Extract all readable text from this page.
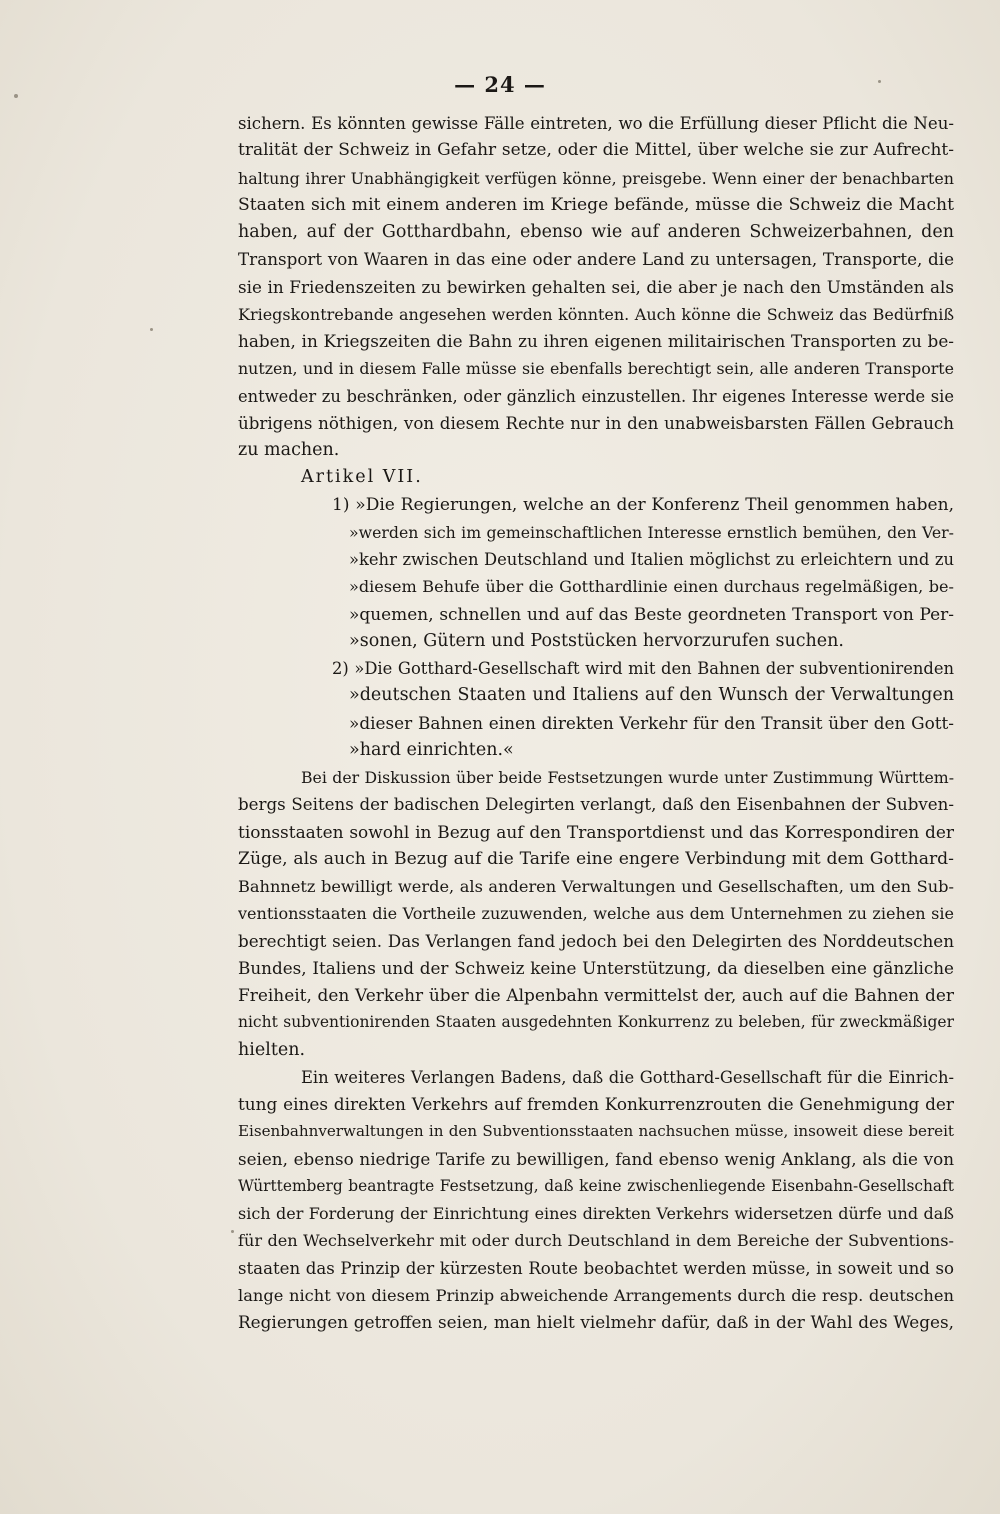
— 24 —
sichern. Es könnten gewisse Fälle eintreten, wo die Erfüllung dieser Pflicht die Neu-
tralität der Schweiz in Gefahr setze, oder die Mittel, über welche sie zur Aufrecht-
haltung ihrer Unabhängigkeit verfügen könne, preisgebe. Wenn einer der benachbarten
Staaten sich mit einem anderen im Kriege befände, müsse die Schweiz die Macht
haben, auf der Gotthardbahn, ebenso wie auf anderen Schweizerbahnen, den
Transport von Waaren in das eine oder andere Land zu untersagen, Transporte, die
sie in Friedenszeiten zu bewirken gehalten sei, die aber je nach den Umständen als
Kriegskontrebande angesehen werden könnten. Auch könne die Schweiz das Bedürfniß
haben, in Kriegszeiten die Bahn zu ihren eigenen militairischen Transporten zu be-
nutzen, und in diesem Falle müsse sie ebenfalls berechtigt sein, alle anderen Transporte
entweder zu beschränken, oder gänzlich einzustellen. Ihr eigenes Interesse werde sie
übrigens nöthigen, von diesem Rechte nur in den unabweisbarsten Fällen Gebrauch
zu machen.
Artikel VII.
1) »Die Regierungen, welche an der Konferenz Theil genommen haben,
»werden sich im gemeinschaftlichen Interesse ernstlich bemühen, den Ver-
»kehr zwischen Deutschland und Italien möglichst zu erleichtern und zu
»diesem Behufe über die Gotthardlinie einen durchaus regelmäßigen, be-
»quemen, schnellen und auf das Beste geordneten Transport von Per-
»sonen, Gütern und Poststücken hervorzurufen suchen.
2) »Die Gotthard-Gesellschaft wird mit den Bahnen der subventionirenden
»deutschen Staaten und Italiens auf den Wunsch der Verwaltungen
»dieser Bahnen einen direkten Verkehr für den Transit über den Gott-
»hard einrichten.«
Bei der Diskussion über beide Festsetzungen wurde unter Zustimmung Württem-
bergs Seitens der badischen Delegirten verlangt, daß den Eisenbahnen der Subven-
tionsstaaten sowohl in Bezug auf den Transportdienst und das Korrespondiren der
Züge, als auch in Bezug auf die Tarife eine engere Verbindung mit dem Gotthard-
Bahnnetz bewilligt werde, als anderen Verwaltungen und Gesellschaften, um den Sub-
ventionsstaaten die Vortheile zuzuwenden, welche aus dem Unternehmen zu ziehen sie
berechtigt seien. Das Verlangen fand jedoch bei den Delegirten des Norddeutschen
Bundes, Italiens und der Schweiz keine Unterstützung, da dieselben eine gänzliche
Freiheit, den Verkehr über die Alpenbahn vermittelst der, auch auf die Bahnen der
nicht subventionirenden Staaten ausgedehnten Konkurrenz zu beleben, für zweckmäßiger
hielten.
Ein weiteres Verlangen Badens, daß die Gotthard-Gesellschaft für die Einrich-
tung eines direkten Verkehrs auf fremden Konkurrenzrouten die Genehmigung der
Eisenbahnverwaltungen in den Subventionsstaaten nachsuchen müsse, insoweit diese bereit
seien, ebenso niedrige Tarife zu bewilligen, fand ebenso wenig Anklang, als die von
Württemberg beantragte Festsetzung, daß keine zwischenliegende Eisenbahn-Gesellschaft
sich der Forderung der Einrichtung eines direkten Verkehrs widersetzen dürfe und daß
für den Wechselverkehr mit oder durch Deutschland in dem Bereiche der Subventions-
staaten das Prinzip der kürzesten Route beobachtet werden müsse, in soweit und so
lange nicht von diesem Prinzip abweichende Arrangements durch die resp. deutschen
Regierungen getroffen seien, man hielt vielmehr dafür, daß in der Wahl des Weges,
